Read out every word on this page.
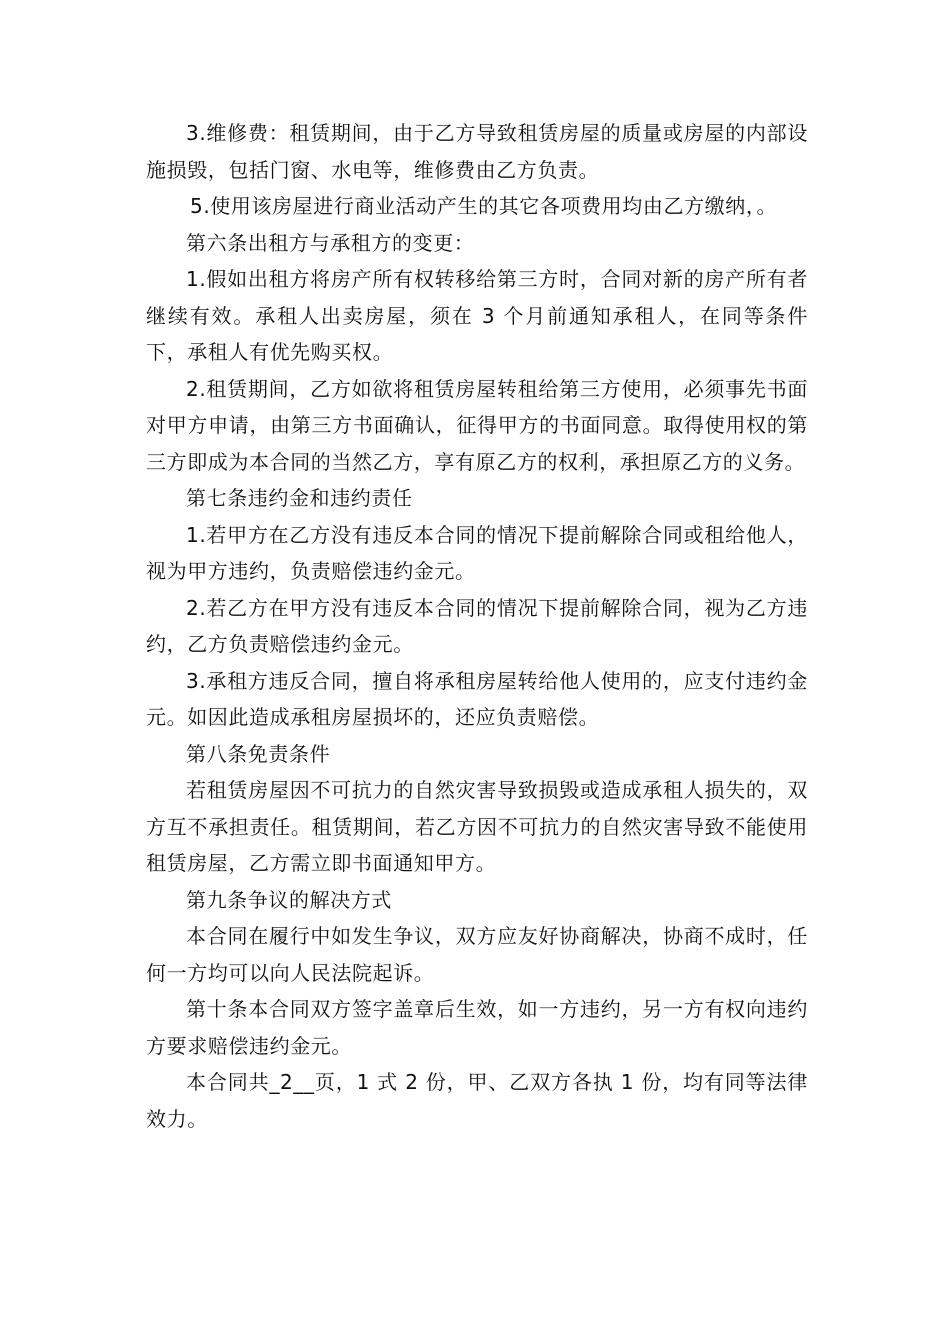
3.维修费：租赁期间，由于乙方导致租赁房屋的质量或房屋的内部设施损毁，包括门窗、水电等，维修费由乙方负责。

5.使用该房屋进行商业活动产生的其它各项费用均由乙方缴纳，。

第六条出租方与承租方的变更：

1.假如出租方将房产所有权转移给第三方时，合同对新的房产所有者继续有效。承租人出卖房屋，须在 3 个月前通知承租人，在同等条件下，承租人有优先购买权。

2.租赁期间，乙方如欲将租赁房屋转租给第三方使用，必须事先书面对甲方申请，由第三方书面确认，征得甲方的书面同意。取得使用权的第三方即成为本合同的当然乙方，享有原乙方的权利，承担原乙方的义务。

第七条违约金和违约责任

1.若甲方在乙方没有违反本合同的情况下提前解除合同或租给他人，视为甲方违约，负责赔偿违约金元。

2.若乙方在甲方没有违反本合同的情况下提前解除合同，视为乙方违约，乙方负责赔偿违约金元。

3.承租方违反合同，擅自将承租房屋转给他人使用的，应支付违约金元。如因此造成承租房屋损坏的，还应负责赔偿。

第八条免责条件

若租赁房屋因不可抗力的自然灾害导致损毁或造成承租人损失的，双方互不承担责任。租赁期间，若乙方因不可抗力的自然灾害导致不能使用租赁房屋，乙方需立即书面通知甲方。

第九条争议的解决方式

本合同在履行中如发生争议，双方应友好协商解决，协商不成时，任何一方均可以向人民法院起诉。

第十条本合同双方签字盖章后生效，如一方违约，另一方有权向违约方要求赔偿违约金元。

本合同共_2__页，1 式 2 份，甲、乙双方各执 1 份，均有同等法律效力。
